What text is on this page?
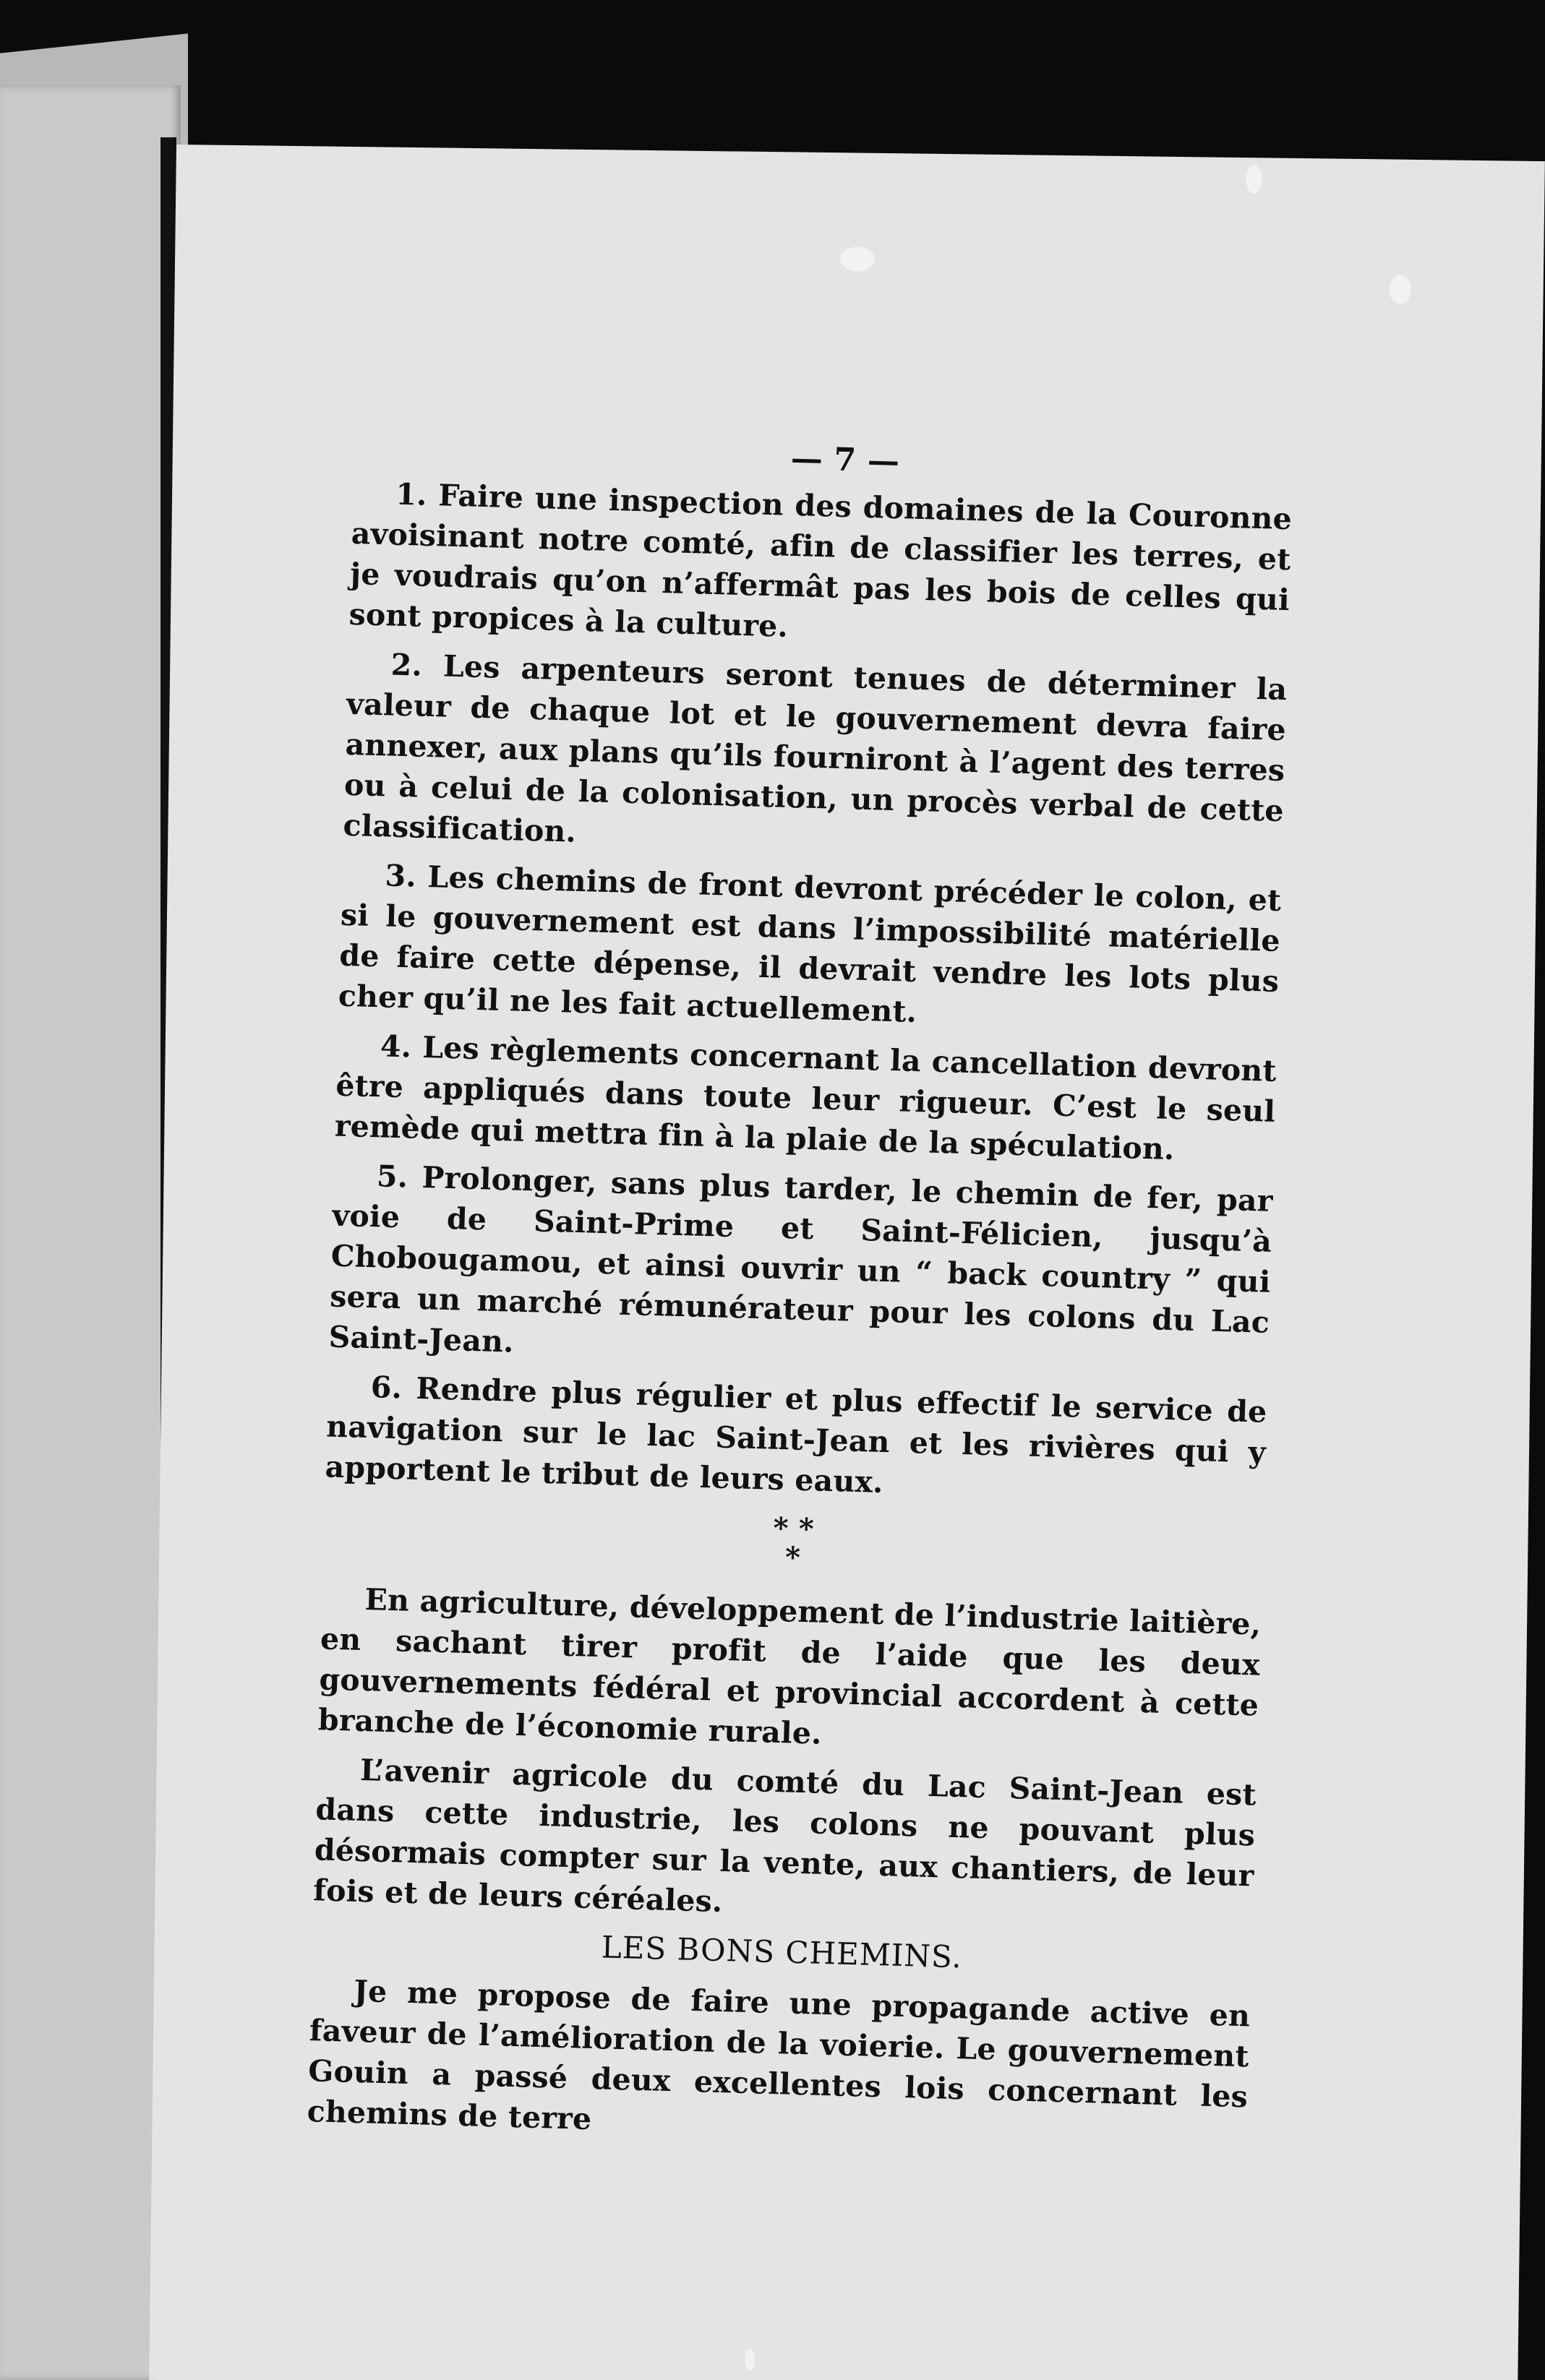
— 7 —

1. Faire une inspection des domaines de la Couronne avoisinant notre comté, afin de classifier les terres, et je voudrais qu’on n’affermât pas les bois de celles qui sont propices à la culture.

2. Les arpenteurs seront tenues de déterminer la valeur de chaque lot et le gouvernement devra faire annexer, aux plans qu’ils fourniront à l’agent des terres ou à celui de la colonisation, un procès verbal de cette classification.

3. Les chemins de front devront précéder le colon, et si le gouvernement est dans l’impossibilité matérielle de faire cette dépense, il devrait vendre les lots plus cher qu’il ne les fait actuellement.

4. Les règlements concernant la cancellation devront être appliqués dans toute leur rigueur. C’est le seul remède qui mettra fin à la plaie de la spéculation.

5. Prolonger, sans plus tarder, le chemin de fer, par voie de Saint-Prime et Saint-Félicien, jusqu’à Chobougamou, et ainsi ouvrir un “ back country ” qui sera un marché rémunérateur pour les colons du Lac Saint-Jean.

6. Rendre plus régulier et plus effectif le service de navigation sur le lac Saint-Jean et les rivières qui y apportent le tribut de leurs eaux.

* *
*

En agriculture, développement de l’industrie laitière, en sachant tirer profit de l’aide que les deux gouvernements fédéral et provincial accordent à cette branche de l’économie rurale.

L’avenir agricole du comté du Lac Saint-Jean est dans cette industrie, les colons ne pouvant plus désormais compter sur la vente, aux chantiers, de leur fois et de leurs céréales.

LES BONS CHEMINS.

Je me propose de faire une propagande active en faveur de l’amélioration de la voierie. Le gouvernement Gouin a passé deux excellentes lois concernant les chemins de terre
